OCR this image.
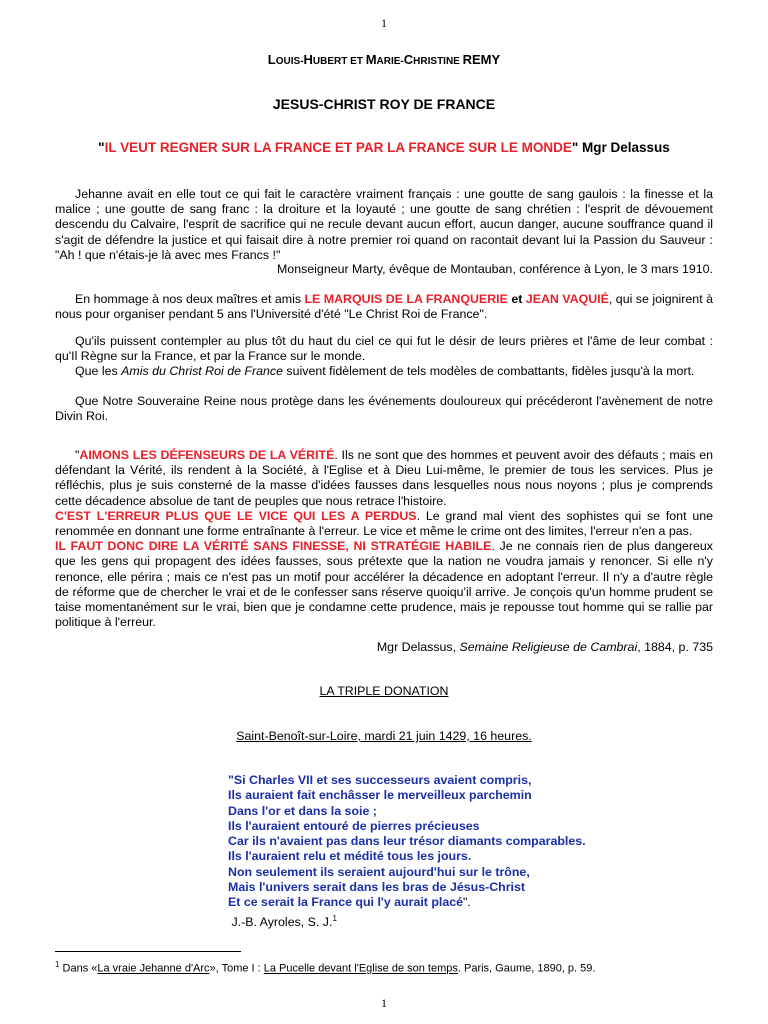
1
LOUIS-HUBERT ET MARIE-CHRISTINE REMY
JESUS-CHRIST ROY DE FRANCE
"IL VEUT REGNER SUR LA FRANCE ET PAR LA FRANCE SUR LE MONDE" Mgr Delassus
Jehanne avait en elle tout ce qui fait le caractère vraiment français : une goutte de sang gaulois : la finesse et la malice ; une goutte de sang franc : la droiture et la loyauté ; une goutte de sang chrétien : l'esprit de dévouement descendu du Calvaire, l'esprit de sacrifice qui ne recule devant aucun effort, aucun danger, aucune souffrance quand il s'agit de défendre la justice et qui faisait dire à notre premier roi quand on racontait devant lui la Passion du Sauveur : "Ah ! que n'étais-je là avec mes Francs !"
Monseigneur Marty, évêque de Montauban, conférence à Lyon, le 3 mars 1910.
En hommage à nos deux maîtres et amis LE MARQUIS DE LA FRANQUERIE et JEAN VAQUIÉ, qui se joignirent à nous pour organiser pendant 5 ans l'Université d'été "Le Christ Roi de France".
Qu'ils puissent contempler au plus tôt du haut du ciel ce qui fut le désir de leurs prières et l'âme de leur combat : qu'Il Règne sur la France, et par la France sur le monde.
Que les Amis du Christ Roi de France suivent fidèlement de tels modèles de combattants, fidèles jusqu'à la mort.
Que Notre Souveraine Reine nous protège dans les événements douloureux qui précéderont l'avènement de notre Divin Roi.
"AIMONS LES DÉFENSEURS DE LA VÉRITÉ. Ils ne sont que des hommes et peuvent avoir des défauts ; mais en défendant la Vérité, ils rendent à la Société, à l'Eglise et à Dieu Lui-même, le premier de tous les services. Plus je réfléchis, plus je suis consterné de la masse d'idées fausses dans lesquelles nous nous noyons ; plus je comprends cette décadence absolue de tant de peuples que nous retrace l'histoire.
C'EST L'ERREUR PLUS QUE LE VICE QUI LES A PERDUS. Le grand mal vient des sophistes qui se font une renommée en donnant une forme entraînante à l'erreur. Le vice et même le crime ont des limites, l'erreur n'en a pas.
IL FAUT DONC DIRE LA VÉRITÉ SANS FINESSE, NI STRATÉGIE HABILE. Je ne connais rien de plus dangereux que les gens qui propagent des idées fausses, sous prétexte que la nation ne voudra jamais y renoncer. Si elle n'y renonce, elle périra ; mais ce n'est pas un motif pour accélérer la décadence en adoptant l'erreur. Il n'y a d'autre règle de réforme que de chercher le vrai et de le confesser sans réserve quoiqu'il arrive. Je conçois qu'un homme prudent se taise momentanément sur le vrai, bien que je condamne cette prudence, mais je repousse tout homme qui se rallie par politique à l'erreur.
Mgr Delassus, Semaine Religieuse de Cambrai, 1884, p. 735
LA TRIPLE DONATION
Saint-Benoît-sur-Loire, mardi 21 juin 1429, 16 heures.
"Si Charles VII et ses successeurs avaient compris,
Ils auraient fait enchâsser le merveilleux parchemin
Dans l'or et dans la soie ;
Ils l'auraient entouré de pierres précieuses
Car ils n'avaient pas dans leur trésor diamants comparables.
Ils l'auraient relu et médité tous les jours.
Non seulement ils seraient aujourd'hui sur le trône,
Mais l'univers serait dans les bras de Jésus-Christ
Et ce serait la France qui l'y aurait placé".
J.-B. Ayroles, S. J.$^1$
$^1$ Dans «La vraie Jehanne d'Arc», Tome I : La Pucelle devant l'Eglise de son temps. Paris, Gaume, 1890, p. 59.
1
